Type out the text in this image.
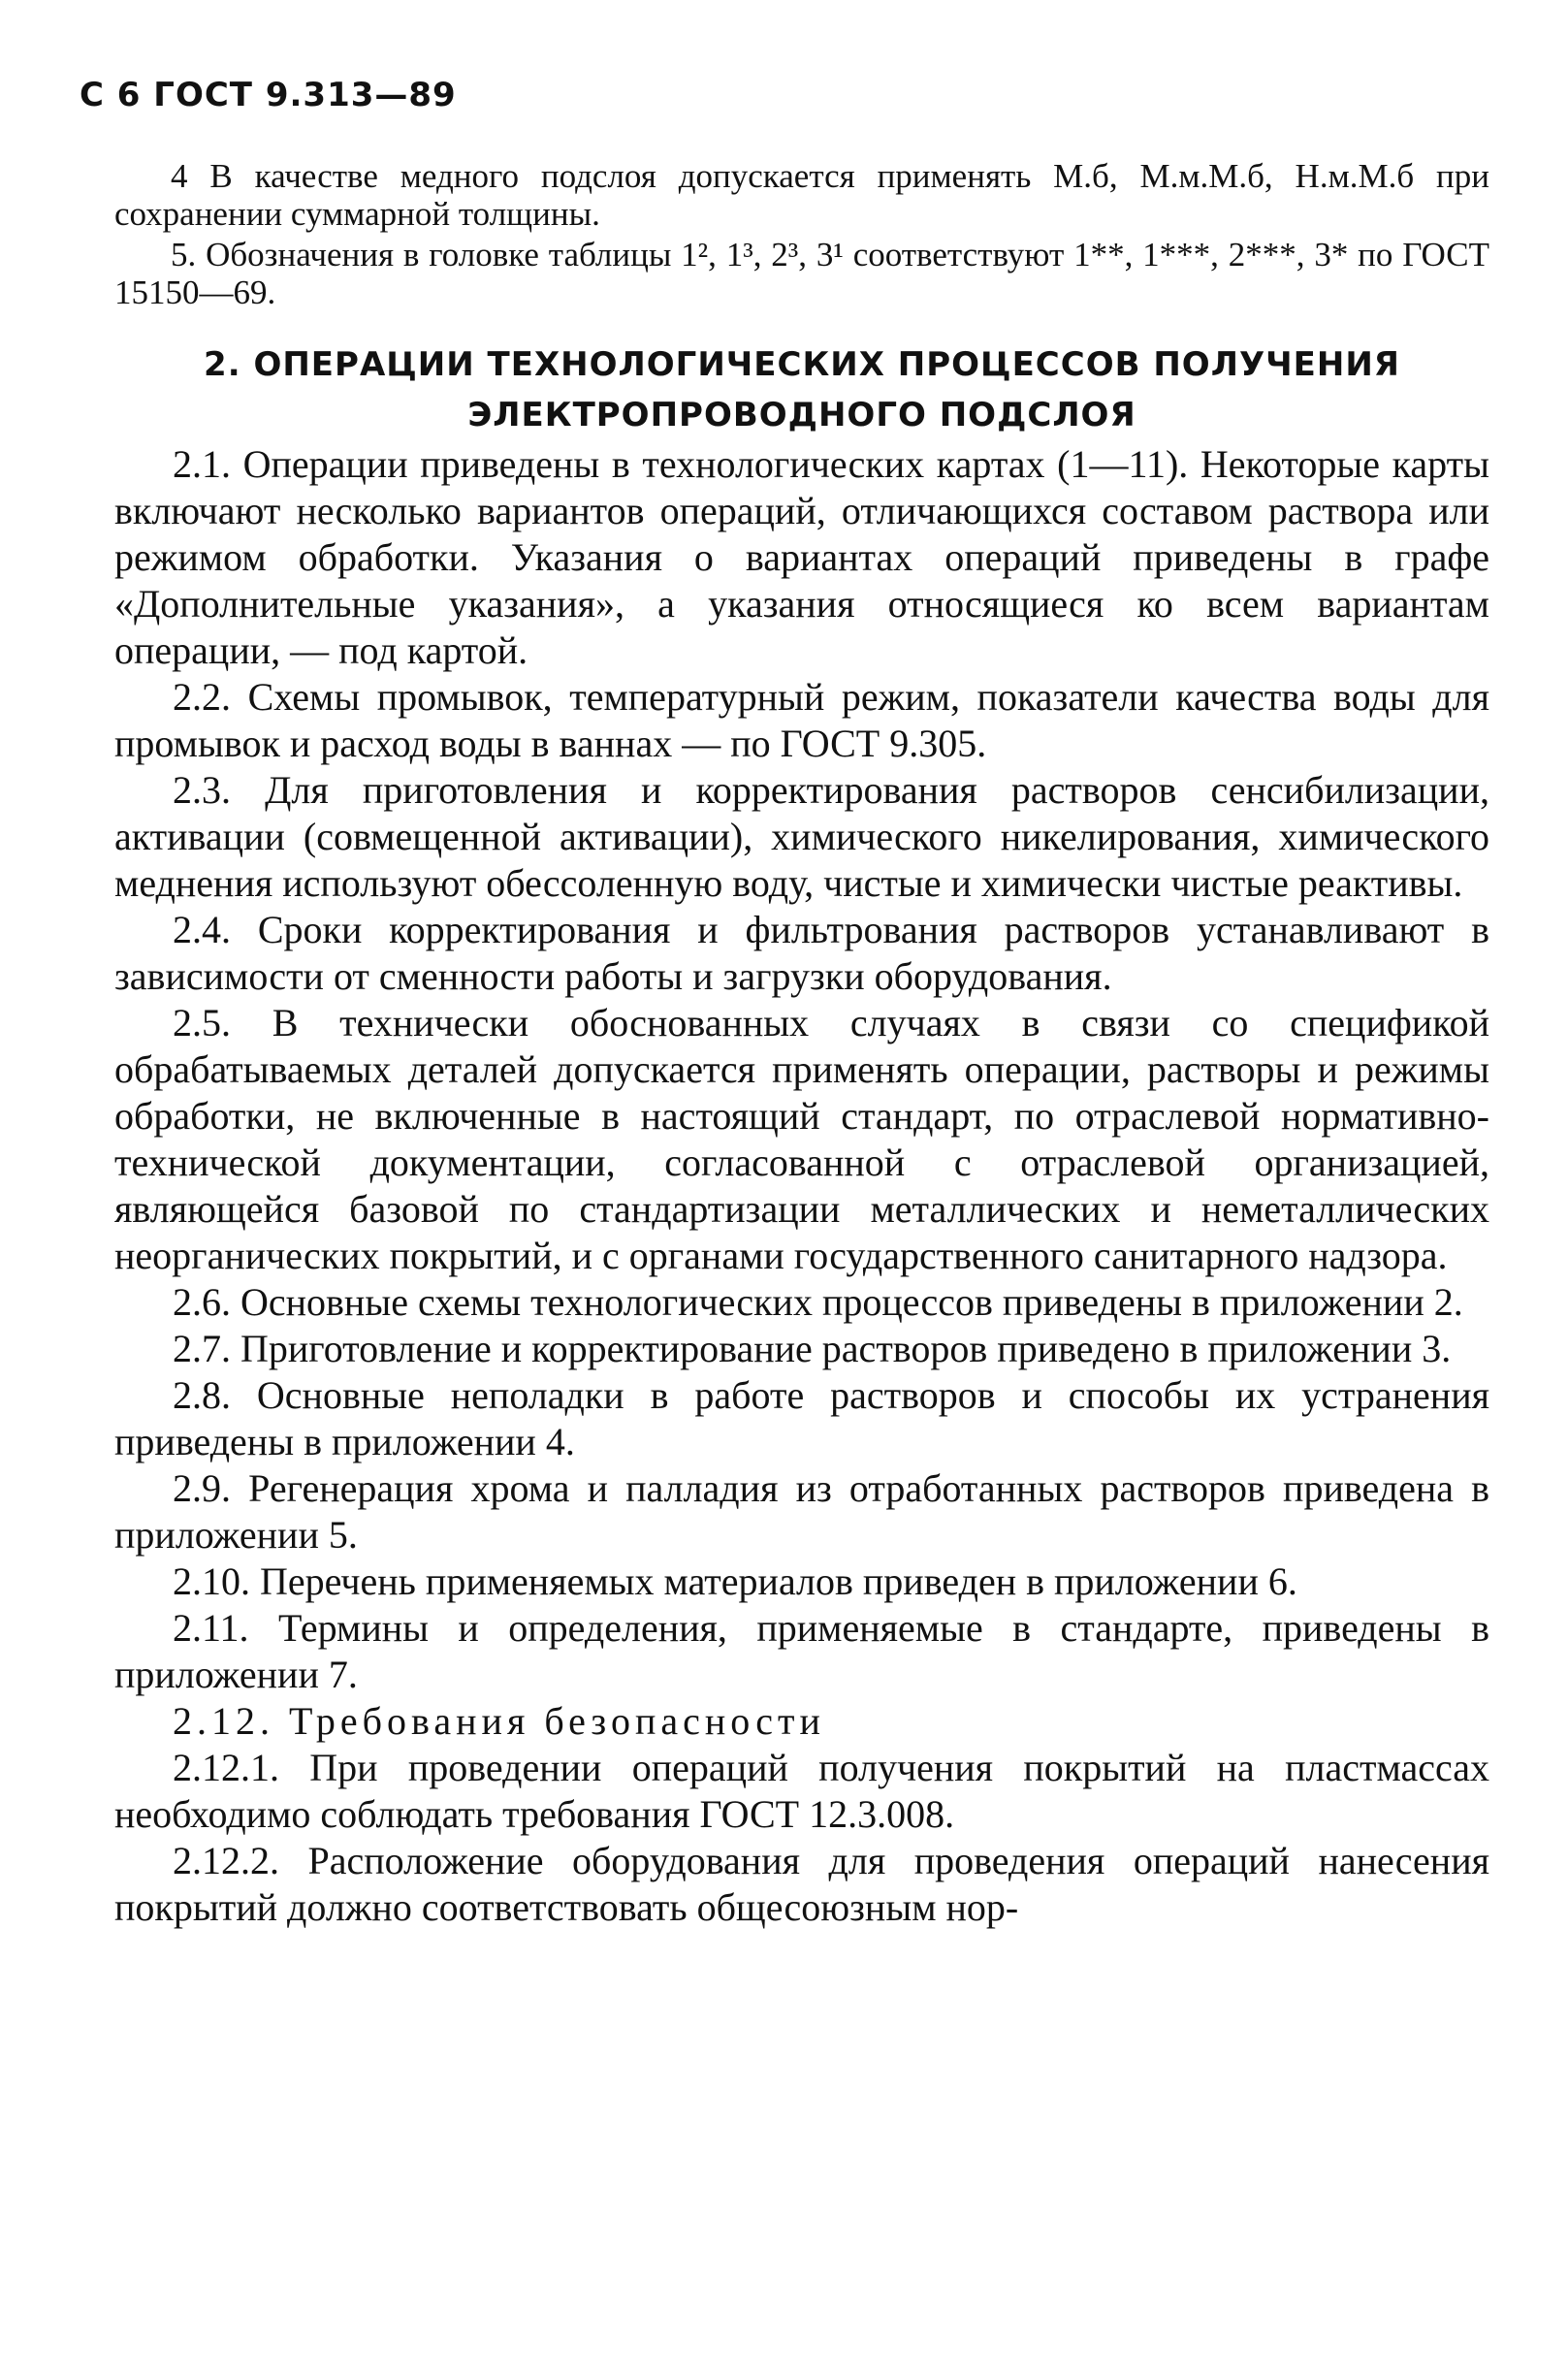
С 6 ГОСТ 9.313—89

4 В качестве медного подслоя допускается применять М.б, М.м.М.б, Н.м.М.б при сохранении суммарной толщины.

5. Обозначения в головке таблицы 1², 1³, 2³, 3¹ соответствуют 1**, 1***, 2***, 3* по ГОСТ 15150—69.

2. ОПЕРАЦИИ ТЕХНОЛОГИЧЕСКИХ ПРОЦЕССОВ ПОЛУЧЕНИЯ
ЭЛЕКТРОПРОВОДНОГО ПОДСЛОЯ

2.1. Операции приведены в технологических картах (1—11). Некоторые карты включают несколько вариантов операций, отличающихся составом раствора или режимом обработки. Указания о вариантах операций приведены в графе «Дополнительные указания», а указания относящиеся ко всем вариантам операции, — под картой.

2.2. Схемы промывок, температурный режим, показатели качества воды для промывок и расход воды в ваннах — по ГОСТ 9.305.

2.3. Для приготовления и корректирования растворов сенсибилизации, активации (совмещенной активации), химического никелирования, химического меднения используют обессоленную воду, чистые и химически чистые реактивы.

2.4. Сроки корректирования и фильтрования растворов устанавливают в зависимости от сменности работы и загрузки оборудования.

2.5. В технически обоснованных случаях в связи со спецификой обрабатываемых деталей допускается применять операции, растворы и режимы обработки, не включенные в настоящий стандарт, по отраслевой нормативно-технической документации, согласованной с отраслевой организацией, являющейся базовой по стандартизации металлических и неметаллических неорганических покрытий, и с органами государственного санитарного надзора.

2.6. Основные схемы технологических процессов приведены в приложении 2.

2.7. Приготовление и корректирование растворов приведено в приложении 3.

2.8. Основные неполадки в работе растворов и способы их устранения приведены в приложении 4.

2.9. Регенерация хрома и палладия из отработанных растворов приведена в приложении 5.

2.10. Перечень применяемых материалов приведен в приложении 6.

2.11. Термины и определения, применяемые в стандарте, приведены в приложении 7.

2.12. Требования безопасности

2.12.1. При проведении операций получения покрытий на пластмассах необходимо соблюдать требования ГОСТ 12.3.008.

2.12.2. Расположение оборудования для проведения операций нанесения покрытий должно соответствовать общесоюзным нор-
